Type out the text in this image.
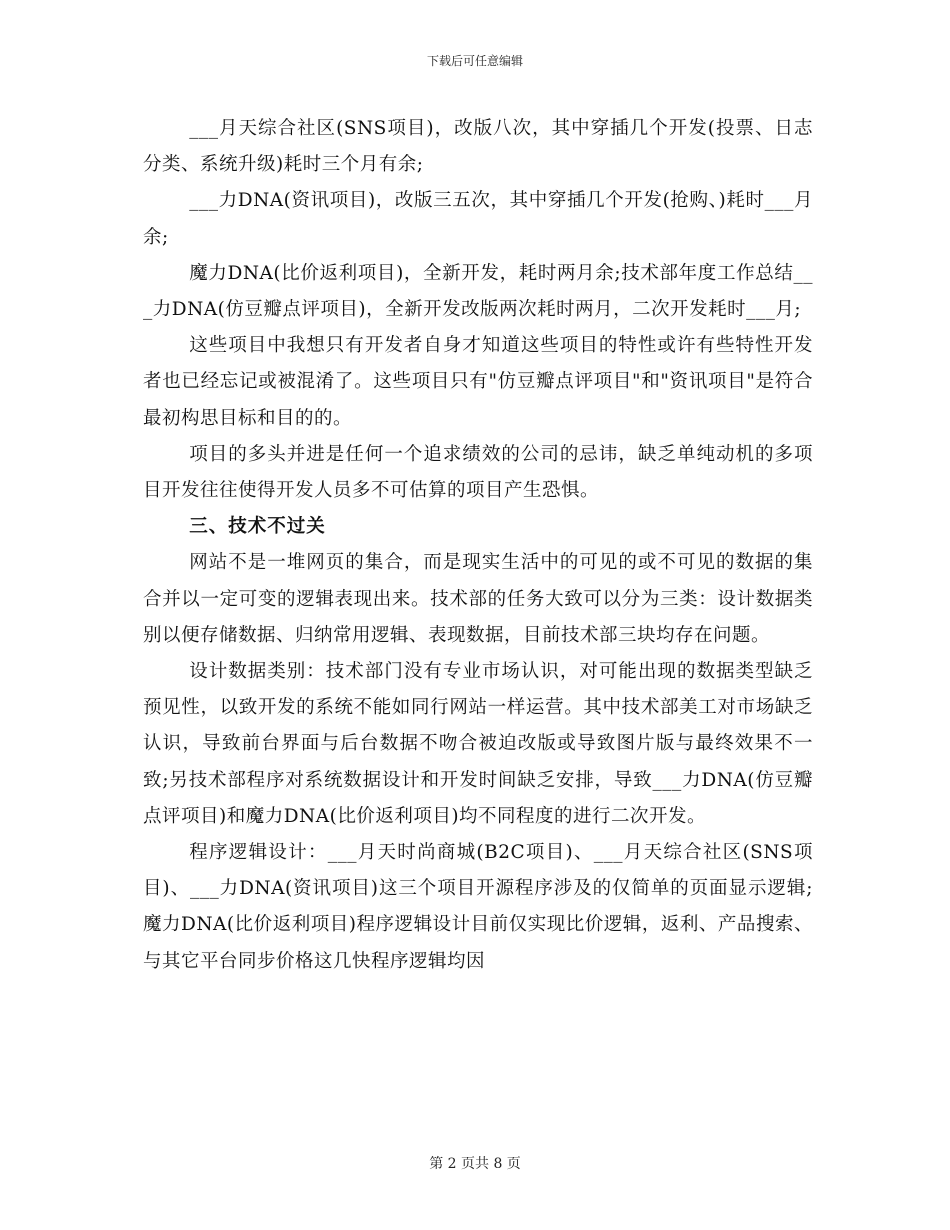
下载后可任意编辑

___月天综合社区(SNS项目)，改版八次，其中穿插几个开发(投票、日志分类、系统升级)耗时三个月有余;

___力DNA(资讯项目)，改版三五次，其中穿插几个开发(抢购、)耗时___月余;

魔力DNA(比价返利项目)，全新开发，耗时两月余;技术部年度工作总结___力DNA(仿豆瓣点评项目)，全新开发改版两次耗时两月，二次开发耗时___月;

这些项目中我想只有开发者自身才知道这些项目的特性或许有些特性开发者也已经忘记或被混淆了。这些项目只有"仿豆瓣点评项目"和"资讯项目"是符合最初构思目标和目的的。

项目的多头并进是任何一个追求绩效的公司的忌讳，缺乏单纯动机的多项目开发往往使得开发人员多不可估算的项目产生恐惧。

三、技术不过关

网站不是一堆网页的集合，而是现实生活中的可见的或不可见的数据的集合并以一定可变的逻辑表现出来。技术部的任务大致可以分为三类：设计数据类别以便存储数据、归纳常用逻辑、表现数据，目前技术部三块均存在问题。

设计数据类别：技术部门没有专业市场认识，对可能出现的数据类型缺乏预见性，以致开发的系统不能如同行网站一样运营。其中技术部美工对市场缺乏认识，导致前台界面与后台数据不吻合被迫改版或导致图片版与最终效果不一致;另技术部程序对系统数据设计和开发时间缺乏安排，导致___力DNA(仿豆瓣点评项目)和魔力DNA(比价返利项目)均不同程度的进行二次开发。

程序逻辑设计：___月天时尚商城(B2C项目)、___月天综合社区(SNS项目)、___力DNA(资讯项目)这三个项目开源程序涉及的仅简单的页面显示逻辑;魔力DNA(比价返利项目)程序逻辑设计目前仅实现比价逻辑，返利、产品搜索、与其它平台同步价格这几快程序逻辑均因

第 2 页共 8 页
